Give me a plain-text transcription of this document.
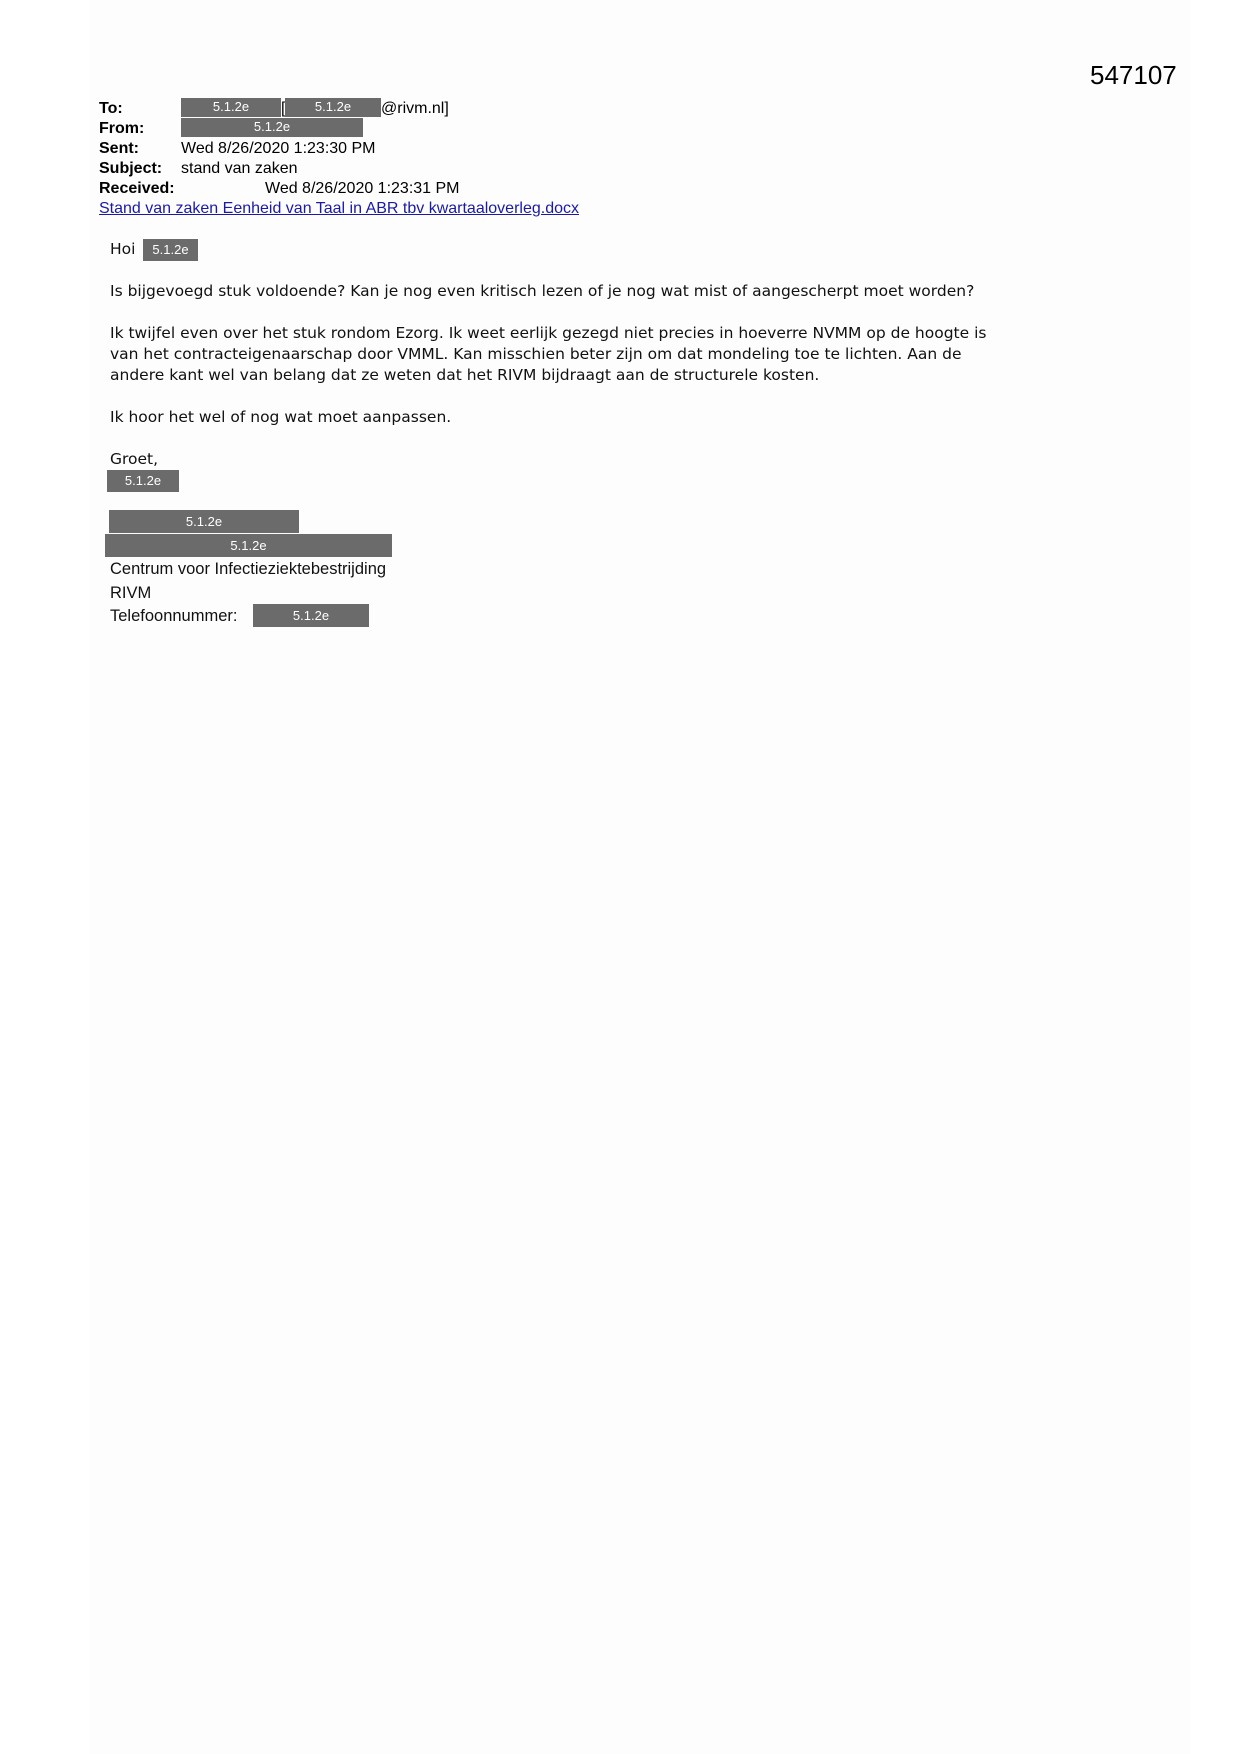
547107
To:	5.1.2e	[	5.1.2e	@rivm.nl]
From:	5.1.2e
Sent:	Wed 8/26/2020 1:23:30 PM
Subject: stand van zaken
Received:	Wed 8/26/2020 1:23:31 PM
Stand van zaken Eenheid van Taal in ABR tbv kwartaaloverleg.docx
Hoi	5.1.2e
Is bijgevoegd stuk voldoende? Kan je nog even kritisch lezen of je nog wat mist of aangescherpt moet worden?
Ik twijfel even over het stuk rondom Ezorg. Ik weet eerlijk gezegd niet precies in hoeverre NVMM op de hoogte is
van het contracteigenaarschap door VMML. Kan misschien beter zijn om dat mondeling toe te lichten. Aan de
andere kant wel van belang dat ze weten dat het RIVM bijdraagt aan de structurele kosten.
Ik hoor het wel of nog wat moet aanpassen.
Groet,
5.1.2e
5.1.2e
5.1.2e
Centrum voor Infectieziektebestrijding
RIVM
Telefoonnummer:	5.1.2e
